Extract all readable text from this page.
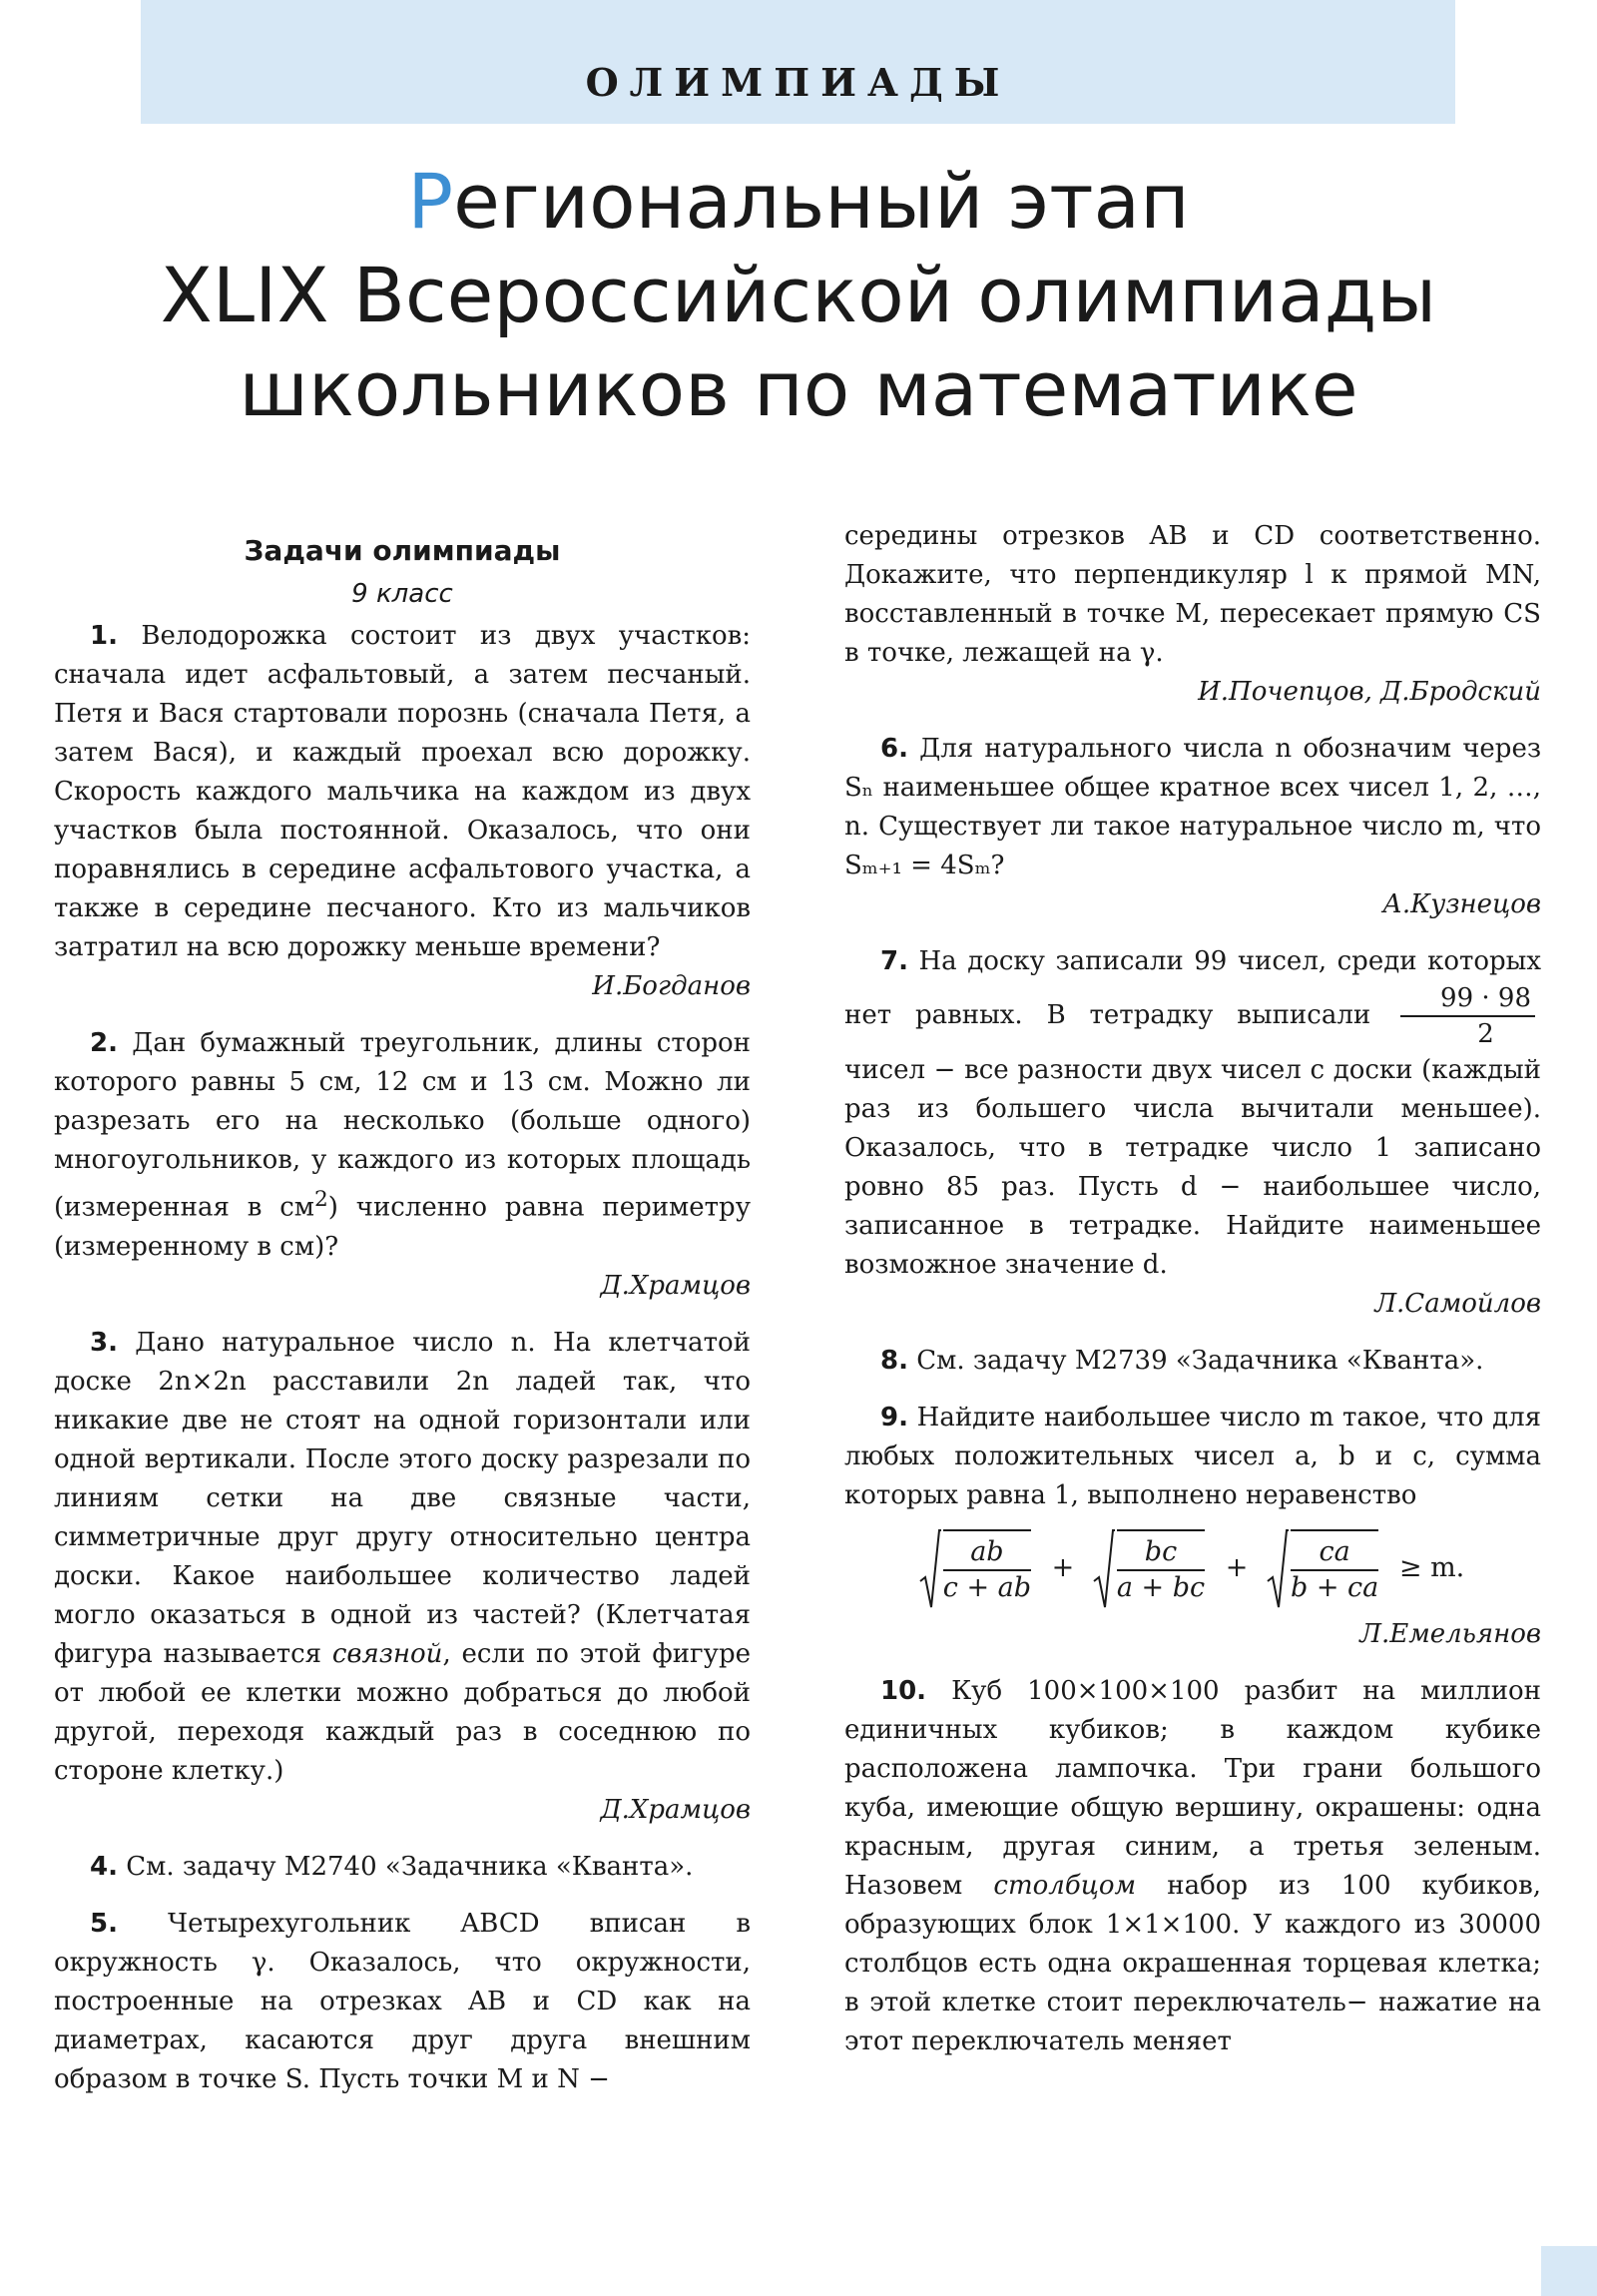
ОЛИМПИАДЫ
Региональный этап
XLIX Всероссийской олимпиады
школьников по математике
Задачи олимпиады
9 класс

1. Велодорожка состоит из двух участков: сначала идет асфальтовый, а затем песчаный. Петя и Вася стартовали порознь (сначала Петя, а затем Вася), и каждый проехал всю дорожку. Скорость каждого мальчика на каждом из двух участков была постоянной. Оказалось, что они поравнялись в середине асфальтового участка, а также в середине песчаного. Кто из мальчиков затратил на всю дорожку меньше времени?

И.Богданов

2. Дан бумажный треугольник, длины сторон которого равны 5 см, 12 см и 13 см. Можно ли разрезать его на несколько (больше одного) многоугольников, у каждого из которых площадь (измеренная в $см^2$) численно равна периметру (измеренному в см)?

Д.Храмцов

3. Дано натуральное число n. На клетчатой доске 2n×2n расставили 2n ладей так, что никакие две не стоят на одной горизонтали или одной вертикали. После этого доску разрезали по линиям сетки на две связные части, симметричные друг другу относительно центра доски. Какое наибольшее количество ладей могло оказаться в одной из частей? (Клетчатая фигура называется связной, если по этой фигуре от любой ее клетки можно добраться до любой другой, переходя каждый раз в соседнюю по стороне клетку.)

Д.Храмцов

4. См. задачу М2740 «Задачника «Кванта».

5. Четырехугольник ABCD вписан в окружность γ. Оказалось, что окружности, построенные на отрезках AB и CD как на диаметрах, касаются друг друга внешним образом в точке S. Пусть точки M и N −

середины отрезков AB и CD соответственно. Докажите, что перпендикуляр l к прямой MN, восставленный в точке M, пересекает прямую CS в точке, лежащей на γ.

И.Почепцов, Д.Бродский

6. Для натурального числа n обозначим через Sₙ наименьшее общее кратное всех чисел 1, 2, …, n. Существует ли такое натуральное число m, что Sₘ₊₁ = 4Sₘ?

А.Кузнецов

7. На доску записали 99 чисел, среди которых нет равных. В тетрадку выписали $\frac{99 \cdot 98}{2}$
чисел − все разности двух чисел с доски (каждый раз из большего числа вычитали меньшее). Оказалось, что в тетрадке число 1 записано ровно 85 раз. Пусть d − наибольшее число, записанное в тетрадке. Найдите наименьшее возможное значение d.

Л.Самойлов

8. См. задачу М2739 «Задачника «Кванта».

9. Найдите наибольшее число m такое, что для любых положительных чисел a, b и c, сумма которых равна 1, выполнено неравенство

$\frac{ab}{c + ab} + \frac{bc}{a + bc} + \frac{ca}{b + ca} \ge m$.

Л.Емельянов

10. Куб 100×100×100 разбит на миллион единичных кубиков; в каждом кубике расположена лампочка. Три грани большого куба, имеющие общую вершину, окрашены: одна красным, другая синим, а третья зеленым. Назовем столбцом набор из 100 кубиков, образующих блок 1×1×100. У каждого из 30000 столбцов есть одна окрашенная торцевая клетка; в этой клетке стоит переключатель− нажатие на этот переключатель меняет
